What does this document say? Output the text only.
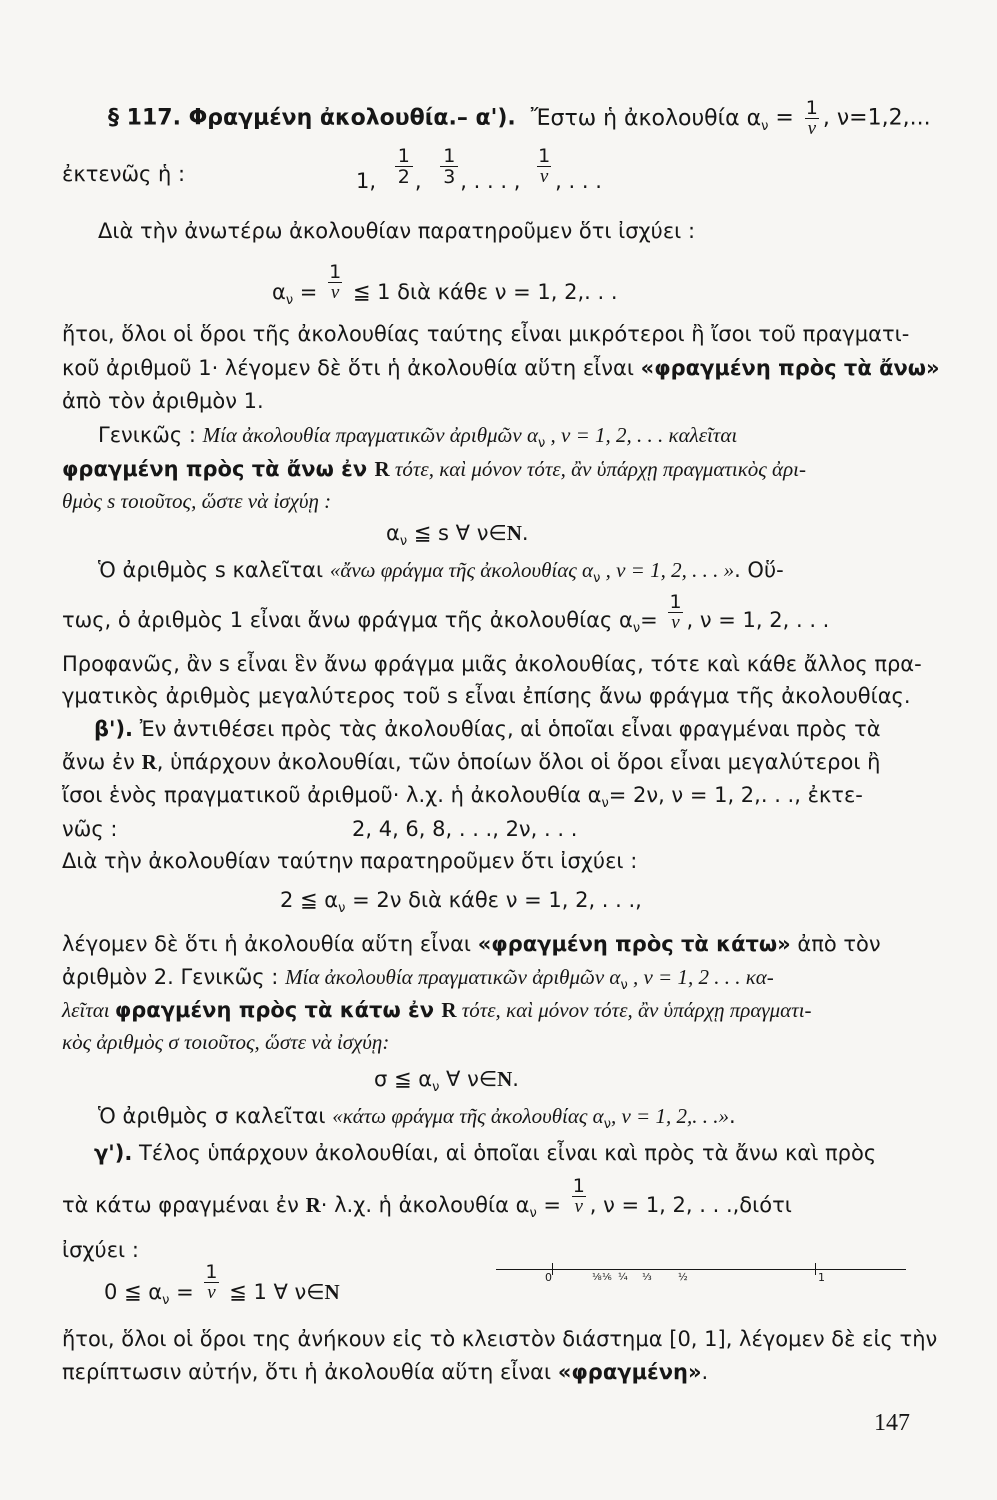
§ 117. Φραγμένη ἀκολουθία.– α'). Ἔστω ἡ ἀκολουθία $\alpha_\nu = \frac{1}{\nu}$ , ν=1,2,...
ἐκτενῶς ἡ :	1, $\frac{1}{2}$ , $\frac{1}{3}$ , . . . , $\frac{1}{\nu}$ , . . .
Διὰ τὴν ἀνωτέρω ἀκολουθίαν παρατηροῦμεν ὅτι ἰσχύει :
$\alpha_\nu = \frac{1}{\nu}$ ≦ 1 διὰ κάθε ν = 1, 2,. . .
ἤτοι, ὅλοι οἱ ὅροι τῆς ἀκολουθίας ταύτης εἶναι μικρότεροι ἢ ἴσοι τοῦ πραγματι-
κοῦ ἀριθμοῦ 1· λέγομεν δὲ ὅτι ἡ ἀκολουθία αὕτη εἶναι «φραγμένη πρὸς τὰ ἄνω»
ἀπὸ τὸν ἀριθμὸν 1.
Γενικῶς : Μία ἀκολουθία πραγματικῶν ἀριθμῶν $\alpha_\nu$ , ν = 1, 2, . . . καλεῖται
φραγμένη πρὸς τὰ ἄνω ἐν R τότε, καὶ μόνον τότε, ἂν ὑπάρχῃ πραγματικὸς ἀρι-
θμὸς s τοιοῦτος, ὥστε νὰ ἰσχύῃ :
$\alpha_\nu$ ≦ s ∀ ν∈N.
Ὁ ἀριθμὸς s καλεῖται «ἄνω φράγμα τῆς ἀκολουθίας $\alpha_\nu$ , ν = 1, 2, . . . ». Οὕ-
τως, ὁ ἀριθμὸς 1 εἶναι ἄνω φράγμα τῆς ἀκολουθίας $\alpha_\nu= \frac{1}{\nu}$ , ν = 1, 2, . . .
Προφανῶς, ἂν s εἶναι ἓν ἄνω φράγμα μιᾶς ἀκολουθίας, τότε καὶ κάθε ἄλλος πρα-
γματικὸς ἀριθμὸς μεγαλύτερος τοῦ s εἶναι ἐπίσης ἄνω φράγμα τῆς ἀκολουθίας.
β'). Ἐν ἀντιθέσει πρὸς τὰς ἀκολουθίας, αἱ ὁποῖαι εἶναι φραγμέναι πρὸς τὰ
ἄνω ἐν R, ὑπάρχουν ἀκολουθίαι, τῶν ὁποίων ὅλοι οἱ ὅροι εἶναι μεγαλύτεροι ἢ
ἴσοι ἑνὸς πραγματικοῦ ἀριθμοῦ· λ.χ. ἡ ἀκολουθία $\alpha_\nu= 2\nu$, ν = 1, 2,. . ., ἐκτε-
νῶς :	2, 4, 6, 8, . . ., 2ν, . . .
Διὰ τὴν ἀκολουθίαν ταύτην παρατηροῦμεν ὅτι ἰσχύει :
2 ≦ $\alpha_\nu = 2\nu$ διὰ κάθε ν = 1, 2, . . .,
λέγομεν δὲ ὅτι ἡ ἀκολουθία αὕτη εἶναι «φραγμένη πρὸς τὰ κάτω» ἀπὸ τὸν
ἀριθμὸν 2. Γενικῶς : Μία ἀκολουθία πραγματικῶν ἀριθμῶν $\alpha_\nu$ , ν = 1, 2 . . . κα-
λεῖται φραγμένη πρὸς τὰ κάτω ἐν R τότε, καὶ μόνον τότε, ἂν ὑπάρχῃ πραγματι-
κὸς ἀριθμὸς σ τοιοῦτος, ὥστε νὰ ἰσχύῃ:
σ ≦ $\alpha_\nu$ ∀ ν∈N.
Ὁ ἀριθμὸς σ καλεῖται «κάτω φράγμα τῆς ἀκολουθίας $\alpha_\nu$, ν = 1, 2,. . .».
γ'). Τέλος ὑπάρχουν ἀκολουθίαι, αἱ ὁποῖαι εἶναι καὶ πρὸς τὰ ἄνω καὶ πρὸς
τὰ κάτω φραγμέναι ἐν R· λ.χ. ἡ ἀκολουθία $\alpha_\nu = \frac{1}{\nu}$ , ν = 1, 2, . . .,διότι
ἰσχύει :
0 ≦ $\alpha_\nu = \frac{1}{\nu}$ ≦ 1 ∀ ν∈N
0	⅛ ⅙ ¼ ⅓	½	1
ἤτοι, ὅλοι οἱ ὅροι της ἀνήκουν εἰς τὸ κλειστὸν διάστημα [0, 1], λέγομεν δὲ εἰς τὴν
περίπτωσιν αὐτήν, ὅτι ἡ ἀκολουθία αὕτη εἶναι «φραγμένη».
147
